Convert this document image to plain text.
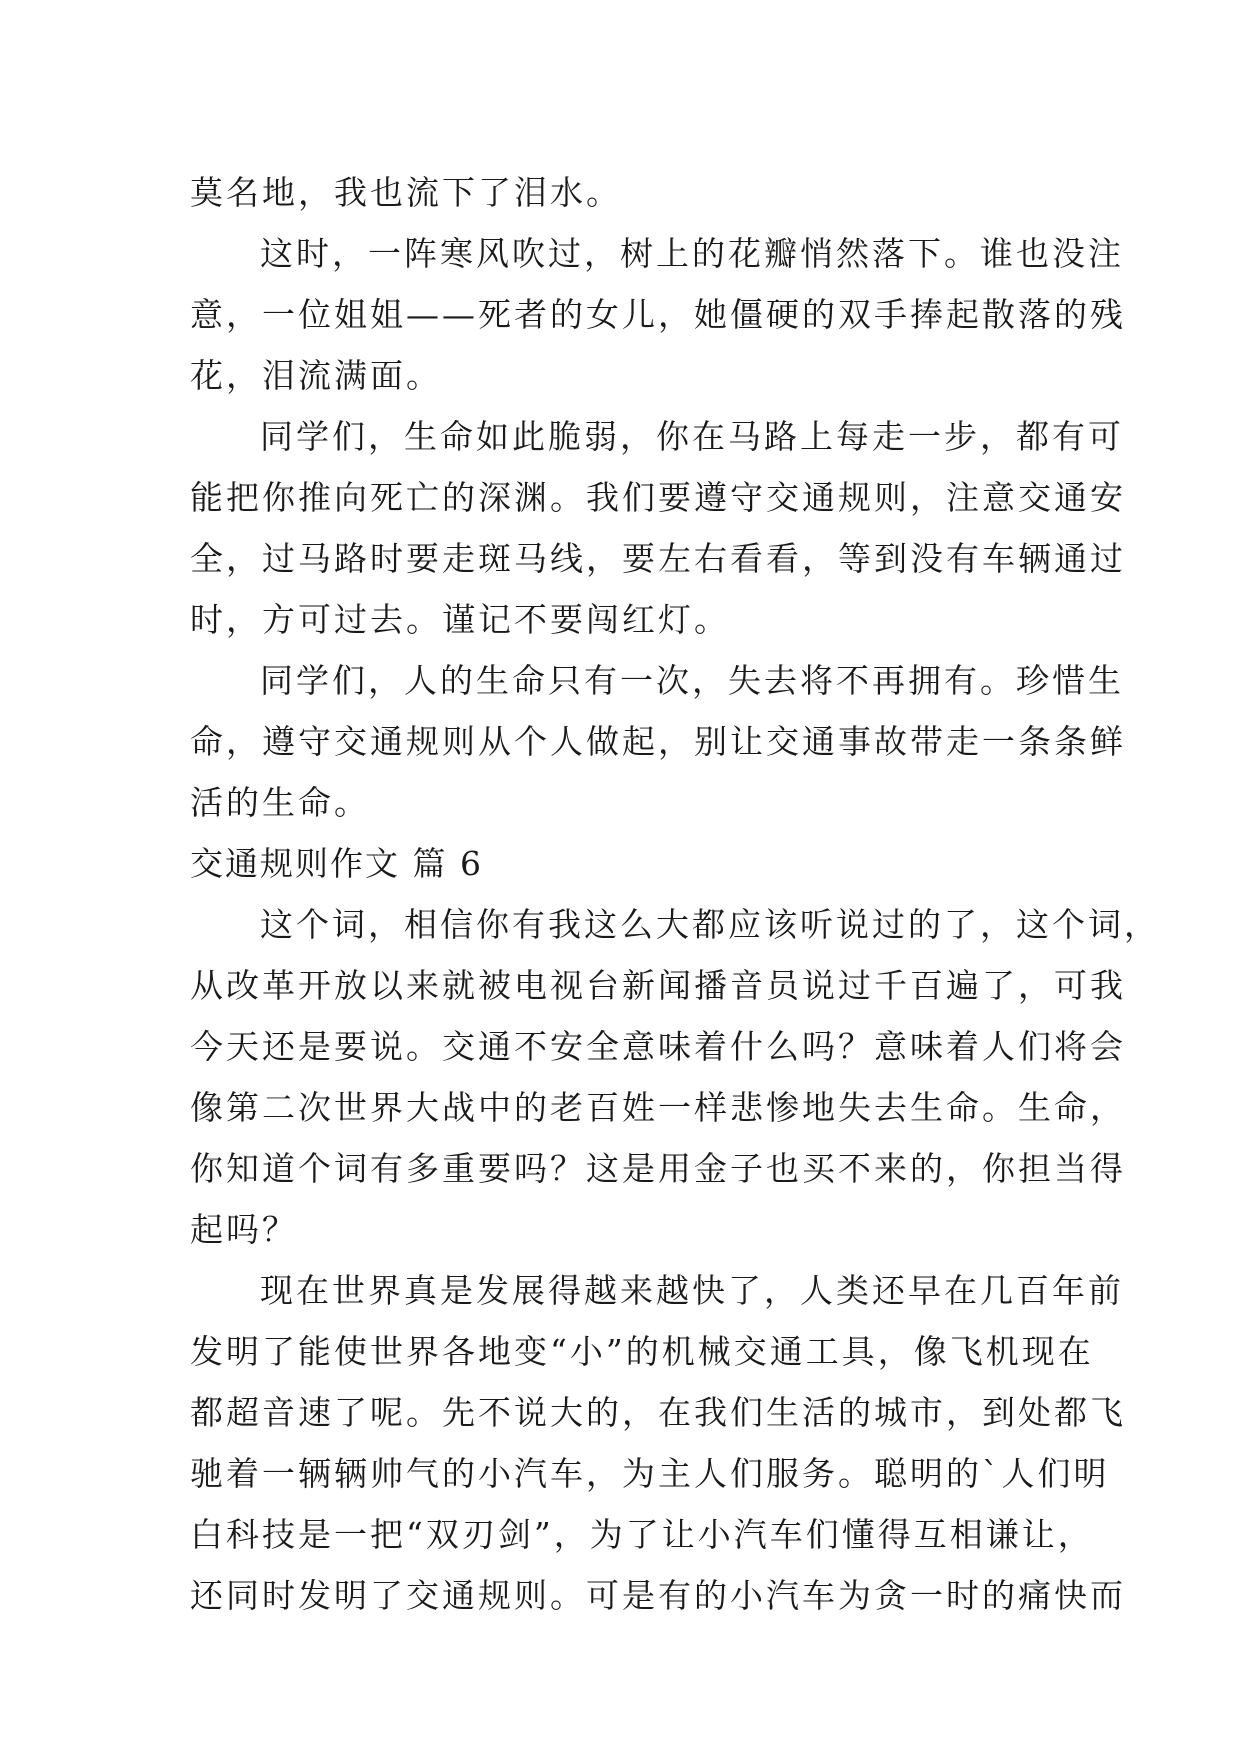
莫名地，我也流下了泪水。
这时，一阵寒风吹过，树上的花瓣悄然落下。谁也没注
意，一位姐姐——死者的女儿，她僵硬的双手捧起散落的残
花，泪流满面。
同学们，生命如此脆弱，你在马路上每走一步，都有可
能把你推向死亡的深渊。我们要遵守交通规则，注意交通安
全，过马路时要走斑马线，要左右看看，等到没有车辆通过
时，方可过去。谨记不要闯红灯。
同学们，人的生命只有一次，失去将不再拥有。珍惜生
命，遵守交通规则从个人做起，别让交通事故带走一条条鲜
活的生命。
交通规则作文 篇 6
这个词，相信你有我这么大都应该听说过的了，这个词，
从改革开放以来就被电视台新闻播音员说过千百遍了，可我
今天还是要说。交通不安全意味着什么吗？意味着人们将会
像第二次世界大战中的老百姓一样悲惨地失去生命。生命，
你知道个词有多重要吗？这是用金子也买不来的，你担当得
起吗？
现在世界真是发展得越来越快了，人类还早在几百年前
发明了能使世界各地变“小”的机械交通工具，像飞机现在
都超音速了呢。先不说大的，在我们生活的城市，到处都飞
驰着一辆辆帅气的小汽车，为主人们服务。聪明的`人们明
白科技是一把“双刃剑”，为了让小汽车们懂得互相谦让，
还同时发明了交通规则。可是有的小汽车为贪一时的痛快而
